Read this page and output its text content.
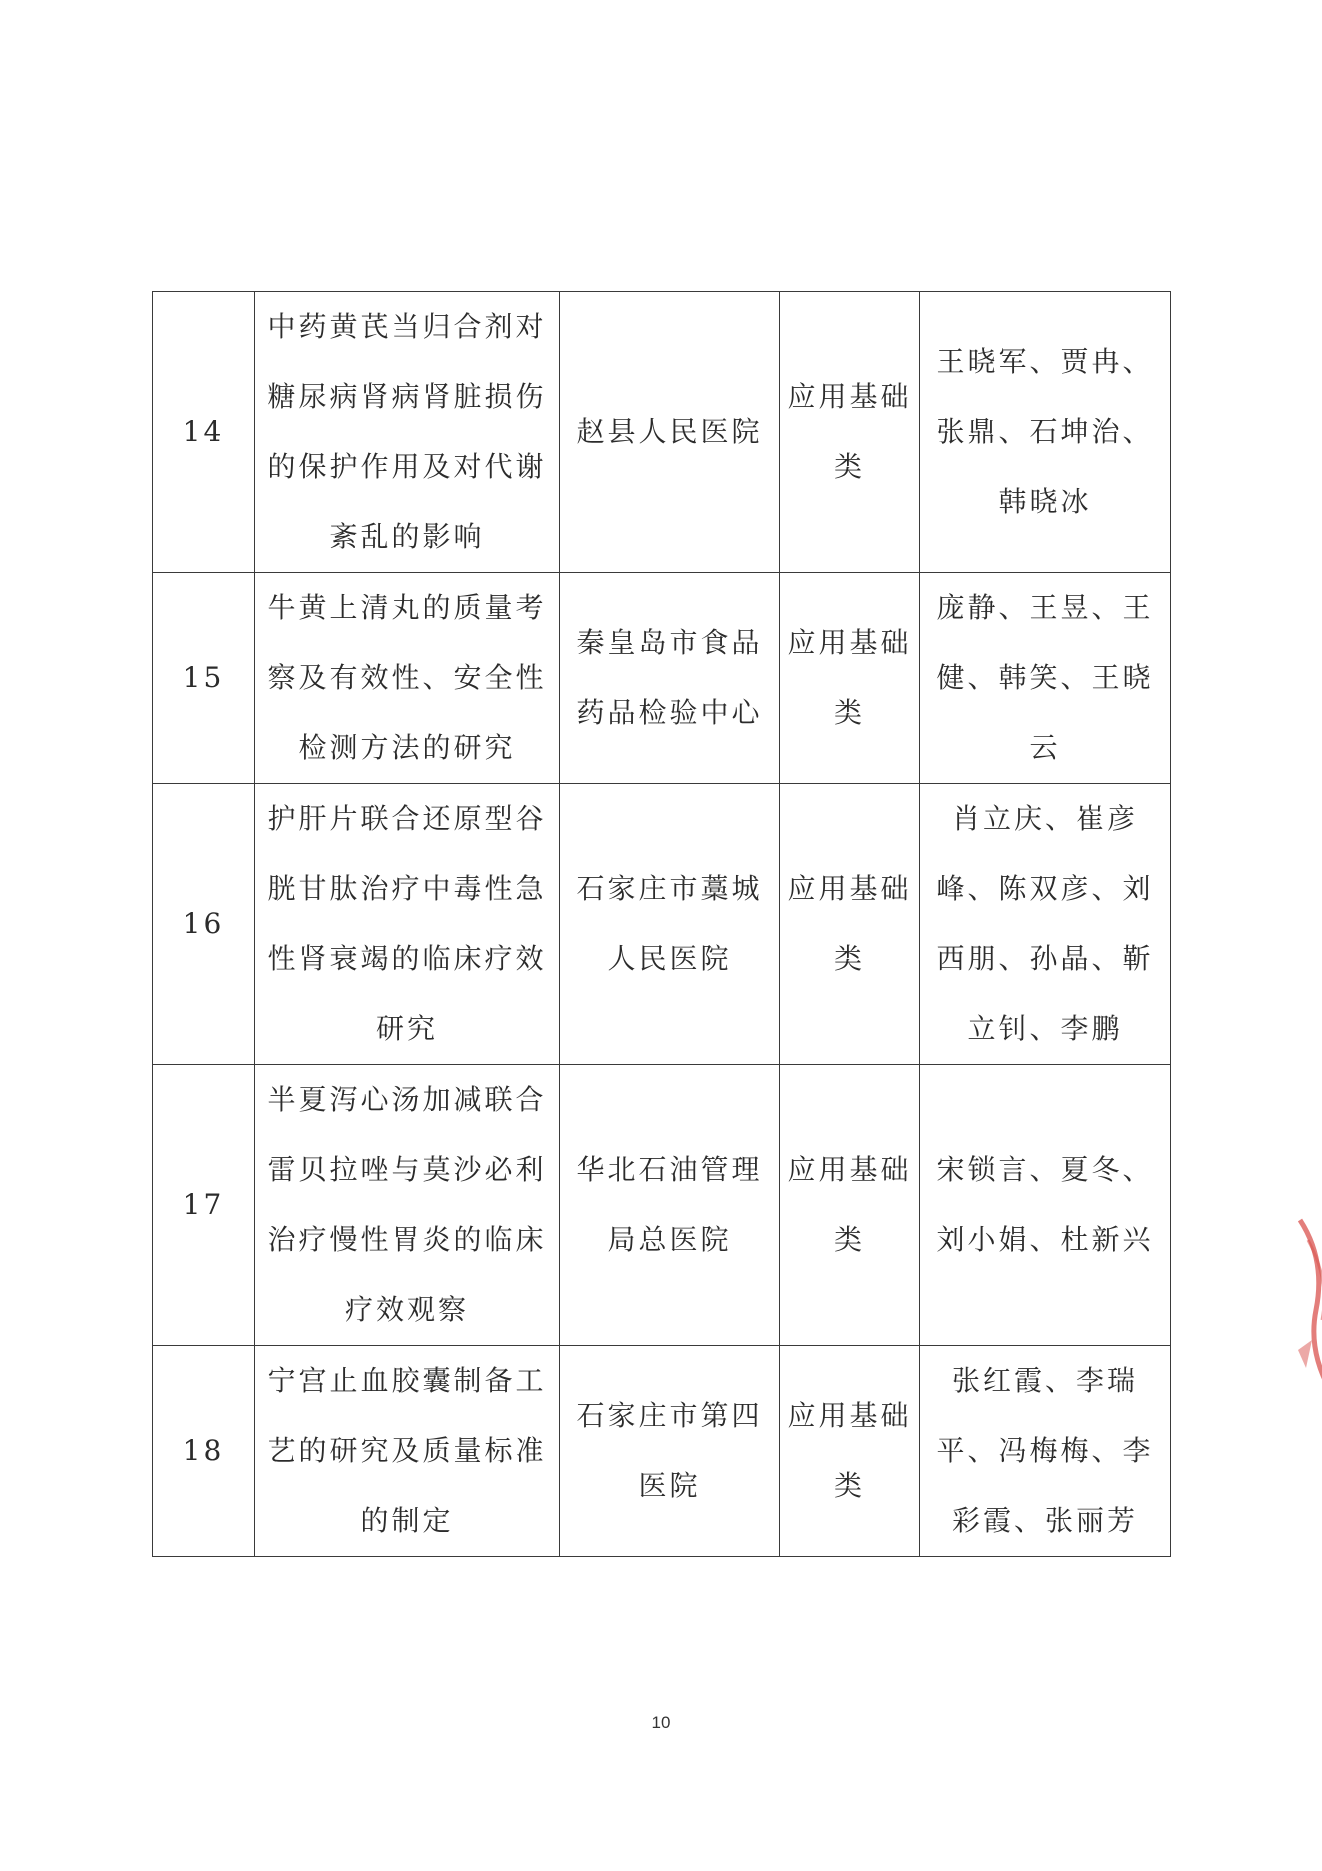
14	中药黄芪当归合剂对糖尿病肾病肾脏损伤的保护作用及对代谢紊乱的影响	赵县人民医院	应用基础类	王晓军、贾冉、张鼎、石坤治、韩晓冰
15	牛黄上清丸的质量考察及有效性、安全性检测方法的研究	秦皇岛市食品药品检验中心	应用基础类	庞静、王昱、王健、韩笑、王晓云
16	护肝片联合还原型谷胱甘肽治疗中毒性急性肾衰竭的临床疗效研究	石家庄市藁城人民医院	应用基础类	肖立庆、崔彦峰、陈双彦、刘西朋、孙晶、靳立钊、李鹏
17	半夏泻心汤加减联合雷贝拉唑与莫沙必利治疗慢性胃炎的临床疗效观察	华北石油管理局总医院	应用基础类	宋锁言、夏冬、刘小娟、杜新兴
18	宁宫止血胶囊制备工艺的研究及质量标准的制定	石家庄市第四医院	应用基础类	张红霞、李瑞平、冯梅梅、李彩霞、张丽芳
10
